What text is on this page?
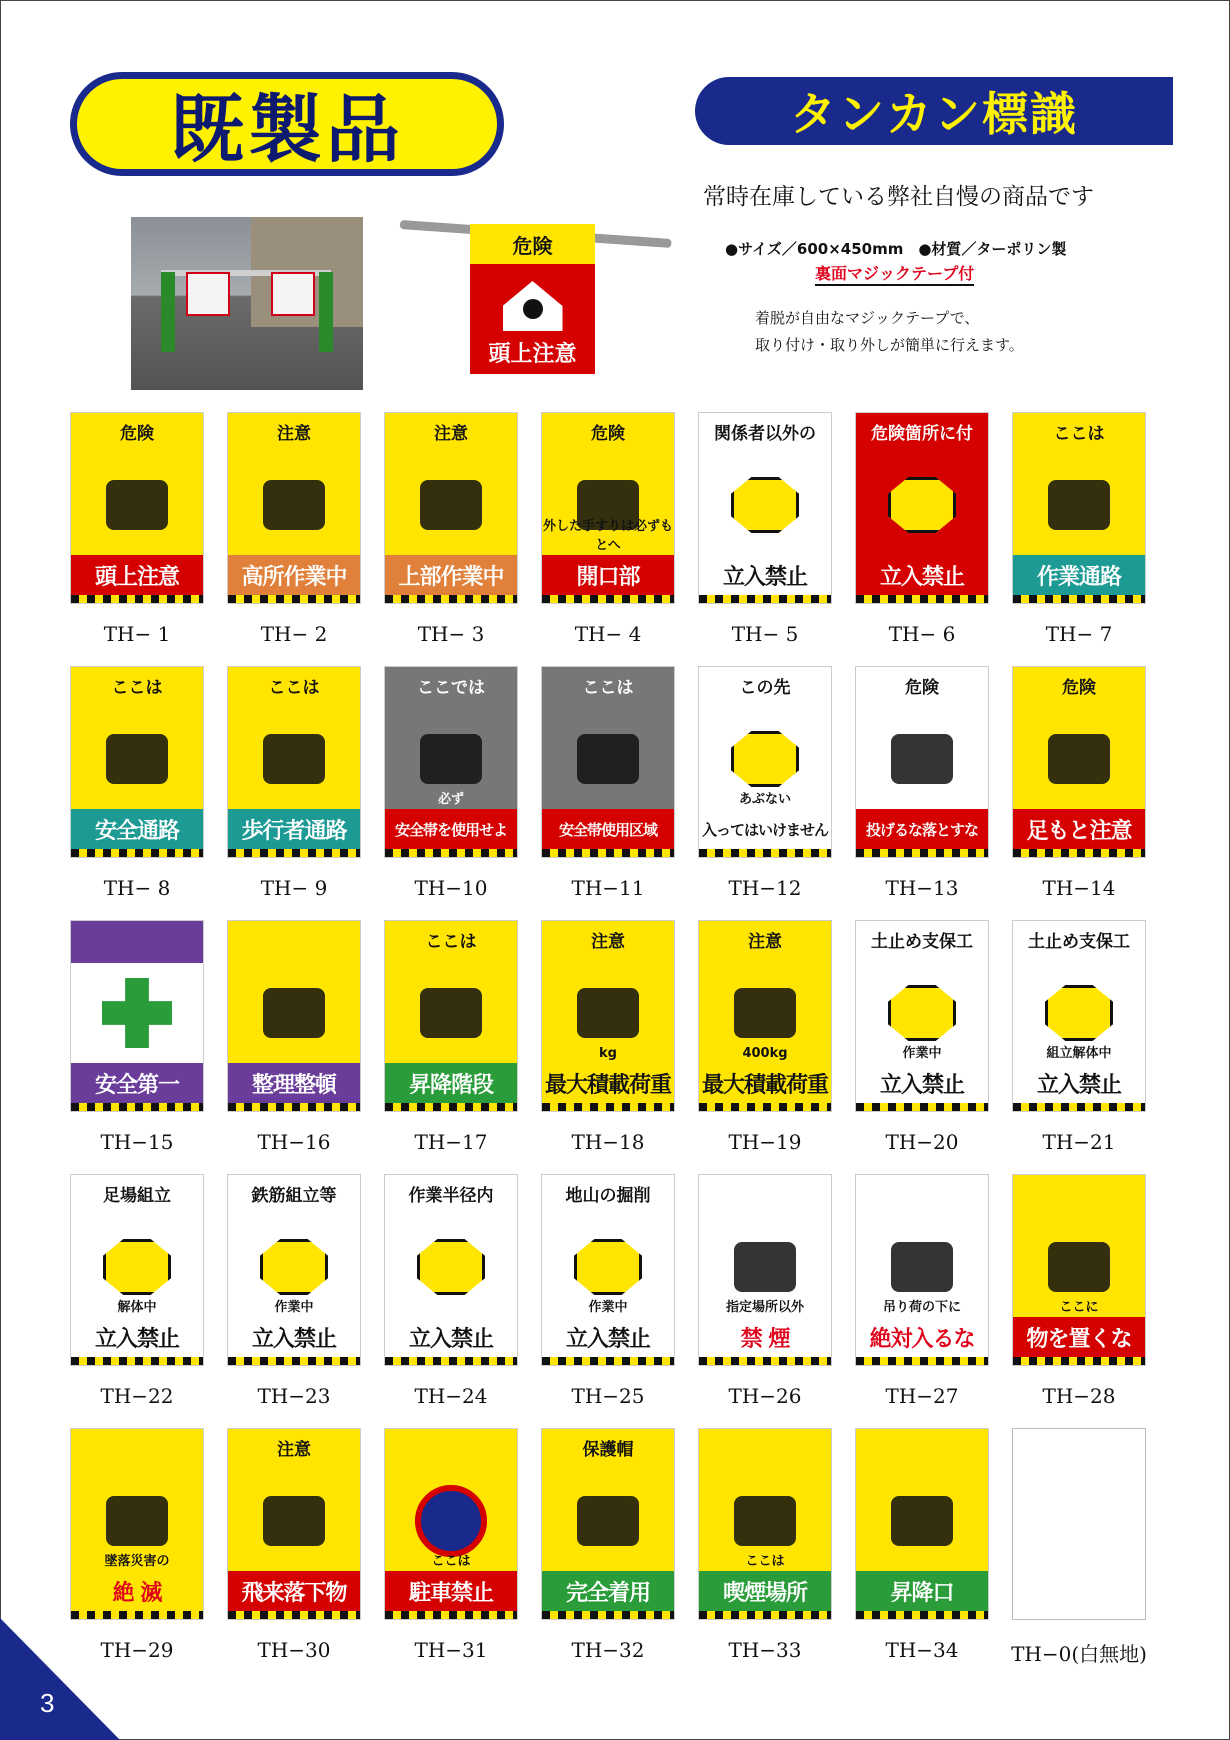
既製品	タンカン標識
常時在庫している弊社自慢の商品です
●サイズ／600×450mm　●材質／ターポリン製
裏面マジックテープ付
着脱が自由なマジックテープで、
取り付け・取り外しが簡単に行えます。
危険
頭上注意
危険
頭上注意
TH− 1
注意
高所作業中
TH− 2
注意
上部作業中
TH− 3
危険
外した手すりは必ずもとへ
開口部
TH− 4
関係者以外の
立入禁止
TH− 5
危険箇所に付
立入禁止
TH− 6
ここは
作業通路
TH− 7
ここは
安全通路
TH− 8
ここは
歩行者通路
TH− 9
ここでは
必ず
安全帯を使用せよ
TH−10
ここは
安全帯使用区域
TH−11
この先
あぶない
入ってはいけません
TH−12
危険
投げるな落とすな
TH−13
危険
足もと注意
TH−14
安全第一
TH−15
整理整頓
TH−16
ここは
昇降階段
TH−17
注意
kg
最大積載荷重
TH−18
注意
400kg
最大積載荷重
TH−19
土止め支保工
作業中
立入禁止
TH−20
土止め支保工
組立解体中
立入禁止
TH−21
足場組立
解体中
立入禁止
TH−22
鉄筋組立等
作業中
立入禁止
TH−23
作業半径内
立入禁止
TH−24
地山の掘削
作業中
立入禁止
TH−25
指定場所以外
禁 煙
TH−26
吊り荷の下に
絶対入るな
TH−27
ここに
物を置くな
TH−28
墜落災害の
絶 滅
TH−29
注意
飛来落下物
TH−30
ここは
駐車禁止
TH−31
保護帽
完全着用
TH−32
ここは
喫煙場所
TH−33
昇降口
TH−34	TH−0(白無地)
3
